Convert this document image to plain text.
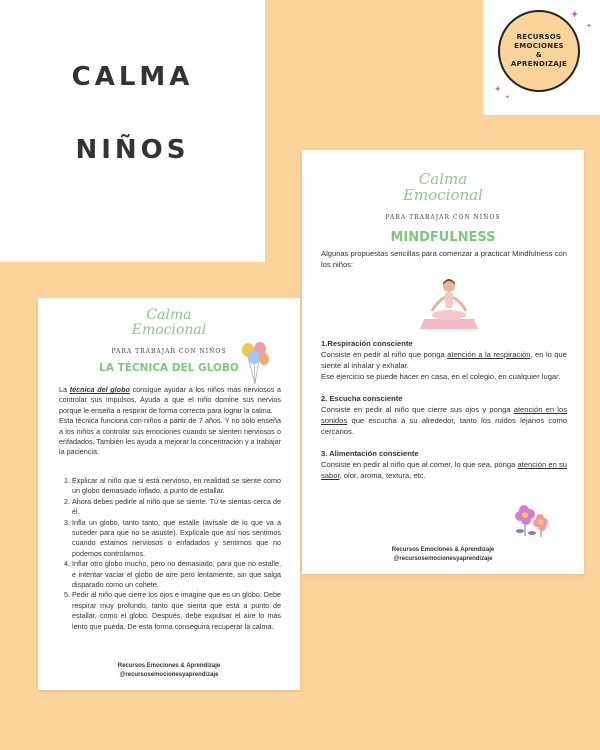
CALMA
NIÑOS
RECURSOS
EMOCIONES
&
APRENDIZAJE
✦
✦
✦
✦
Calma
Emocional
PARA TRABAJAR CON NIÑOS
MINDFULNESS
Algunas propuestas sencillas para comenzar a practicar Mindfulness con los niños:

1.Respiración consciente

Consiste en pedir al niño que ponga atención a la respiración, en lo que siente al inhalar y exhalar.

Ese ejercicio se puede hacer en casa, en el colegio, en cualquier lugar.

2. Escucha consciente

Consiste en pedir al niño que cierre sus ojos y ponga atención en los sonidos que escucha a su alrededor, tanto los ruidos lejanos como cercanos.

3. Alimentación consciente

Consiste en pedir al niño que al comer, lo que sea, ponga atención en su sabor, olor, aroma, textura, etc.

Recursos Emociones & Aprendizaje
@recursosemocionesyaprendizaje
Calma
Emocional
PARA TRABAJAR CON NIÑOS
LA TÉCNICA DEL GLOBO

La técnica del globo consigue ayudar a los niños más nerviosos a controlar sus impulsos. Ayuda a que el niño domine sus nervios porque le enseña a respirar de forma correcta para lograr la calma.

Esta técnica funciona con niños a partir de 7 años. Y no sólo enseña a los niños a controlar sus emociones cuando se sienten nerviosos o enfadados. También les ayuda a mejorar la concentración y a trabajar la paciencia.

1. Explicar al niño que si está nervioso, en realidad se siente como un globo demasiado inflado, a punto de estallar.
2. Ahora debes pedirle al niño que se siente. Tú te sientas cerca de él.
3. Infla un globo, tanto tanto, que estalle (avísale de lo que va a suceder para que no se asuste). Explícale que así nos sentimos cuando estamos nerviosos o enfadados y sentimos que no podemos controlarnos.
4. Inflar otro globo mucho, pero no demasiado, para que no estalle, e intentar vaciar el globo de aire pero lentamente, sin que salga disparado como un cohete.
5. Pedir al niño que cierre los ojos e imagine que es un globo. Debe respirar muy profundo, tanto que sienta que está a punto de estallar, como el globo. Después, debe expulsar el aire lo más lento que pueda. De esta forma conseguirá recuperar la calma.
Recursos Emociones & Aprendizaje
@recursosemocionesyaprendizaje
